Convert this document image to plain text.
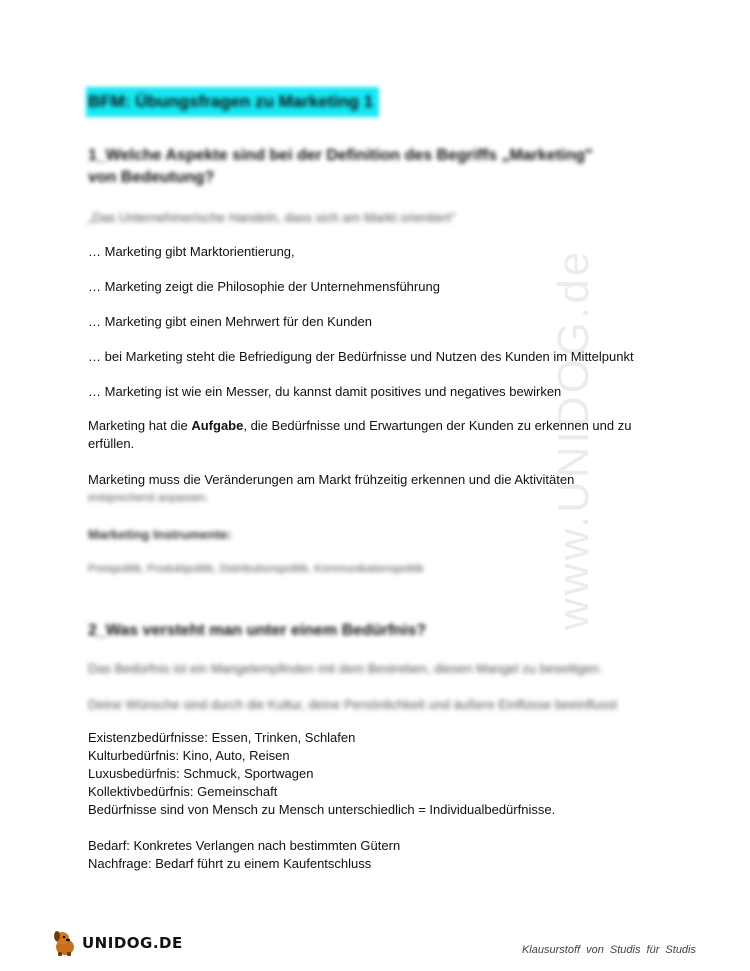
www.UNIDOG.de
BFM: Übungsfragen zu Marketing 1
1_Welche Aspekte sind bei der Definition des Begriffs „Marketing"
von Bedeutung?
„Das Unternehmerische Handeln, dass sich am Markt orientiert"
… Marketing gibt Marktorientierung,
… Marketing zeigt die Philosophie der Unternehmensführung
… Marketing gibt einen Mehrwert für den Kunden
… bei Marketing steht die Befriedigung der Bedürfnisse und Nutzen des Kunden im Mittelpunkt
… Marketing ist wie ein Messer, du kannst damit positives und negatives bewirken
Marketing hat die Aufgabe, die Bedürfnisse und Erwartungen der Kunden zu erkennen und zu erfüllen.
Marketing muss die Veränderungen am Markt frühzeitig erkennen und die Aktivitäten
entsprechend anpassen.
Marketing Instrumente:
Preispolitik, Produktpolitik, Distributionspolitik, Kommunikationspolitik
2_Was versteht man unter einem Bedürfnis?
Das Bedürfnis ist ein Mangelempfinden mit dem Bestreben, diesen Mangel zu beseitigen.
Deine Wünsche sind durch die Kultur, deine Persönlichkeit und äußere Einflüsse beeinflusst
Existenzbedürfnisse: Essen, Trinken, Schlafen
Kulturbedürfnis: Kino, Auto, Reisen
Luxusbedürfnis: Schmuck, Sportwagen
Kollektivbedürfnis: Gemeinschaft
Bedürfnisse sind von Mensch zu Mensch unterschiedlich = Individualbedürfnisse.
Bedarf: Konkretes Verlangen nach bestimmten Gütern
Nachfrage: Bedarf führt zu einem Kaufentschluss
UNIDOG.DE	Klausurstoff von Studis für Studis
